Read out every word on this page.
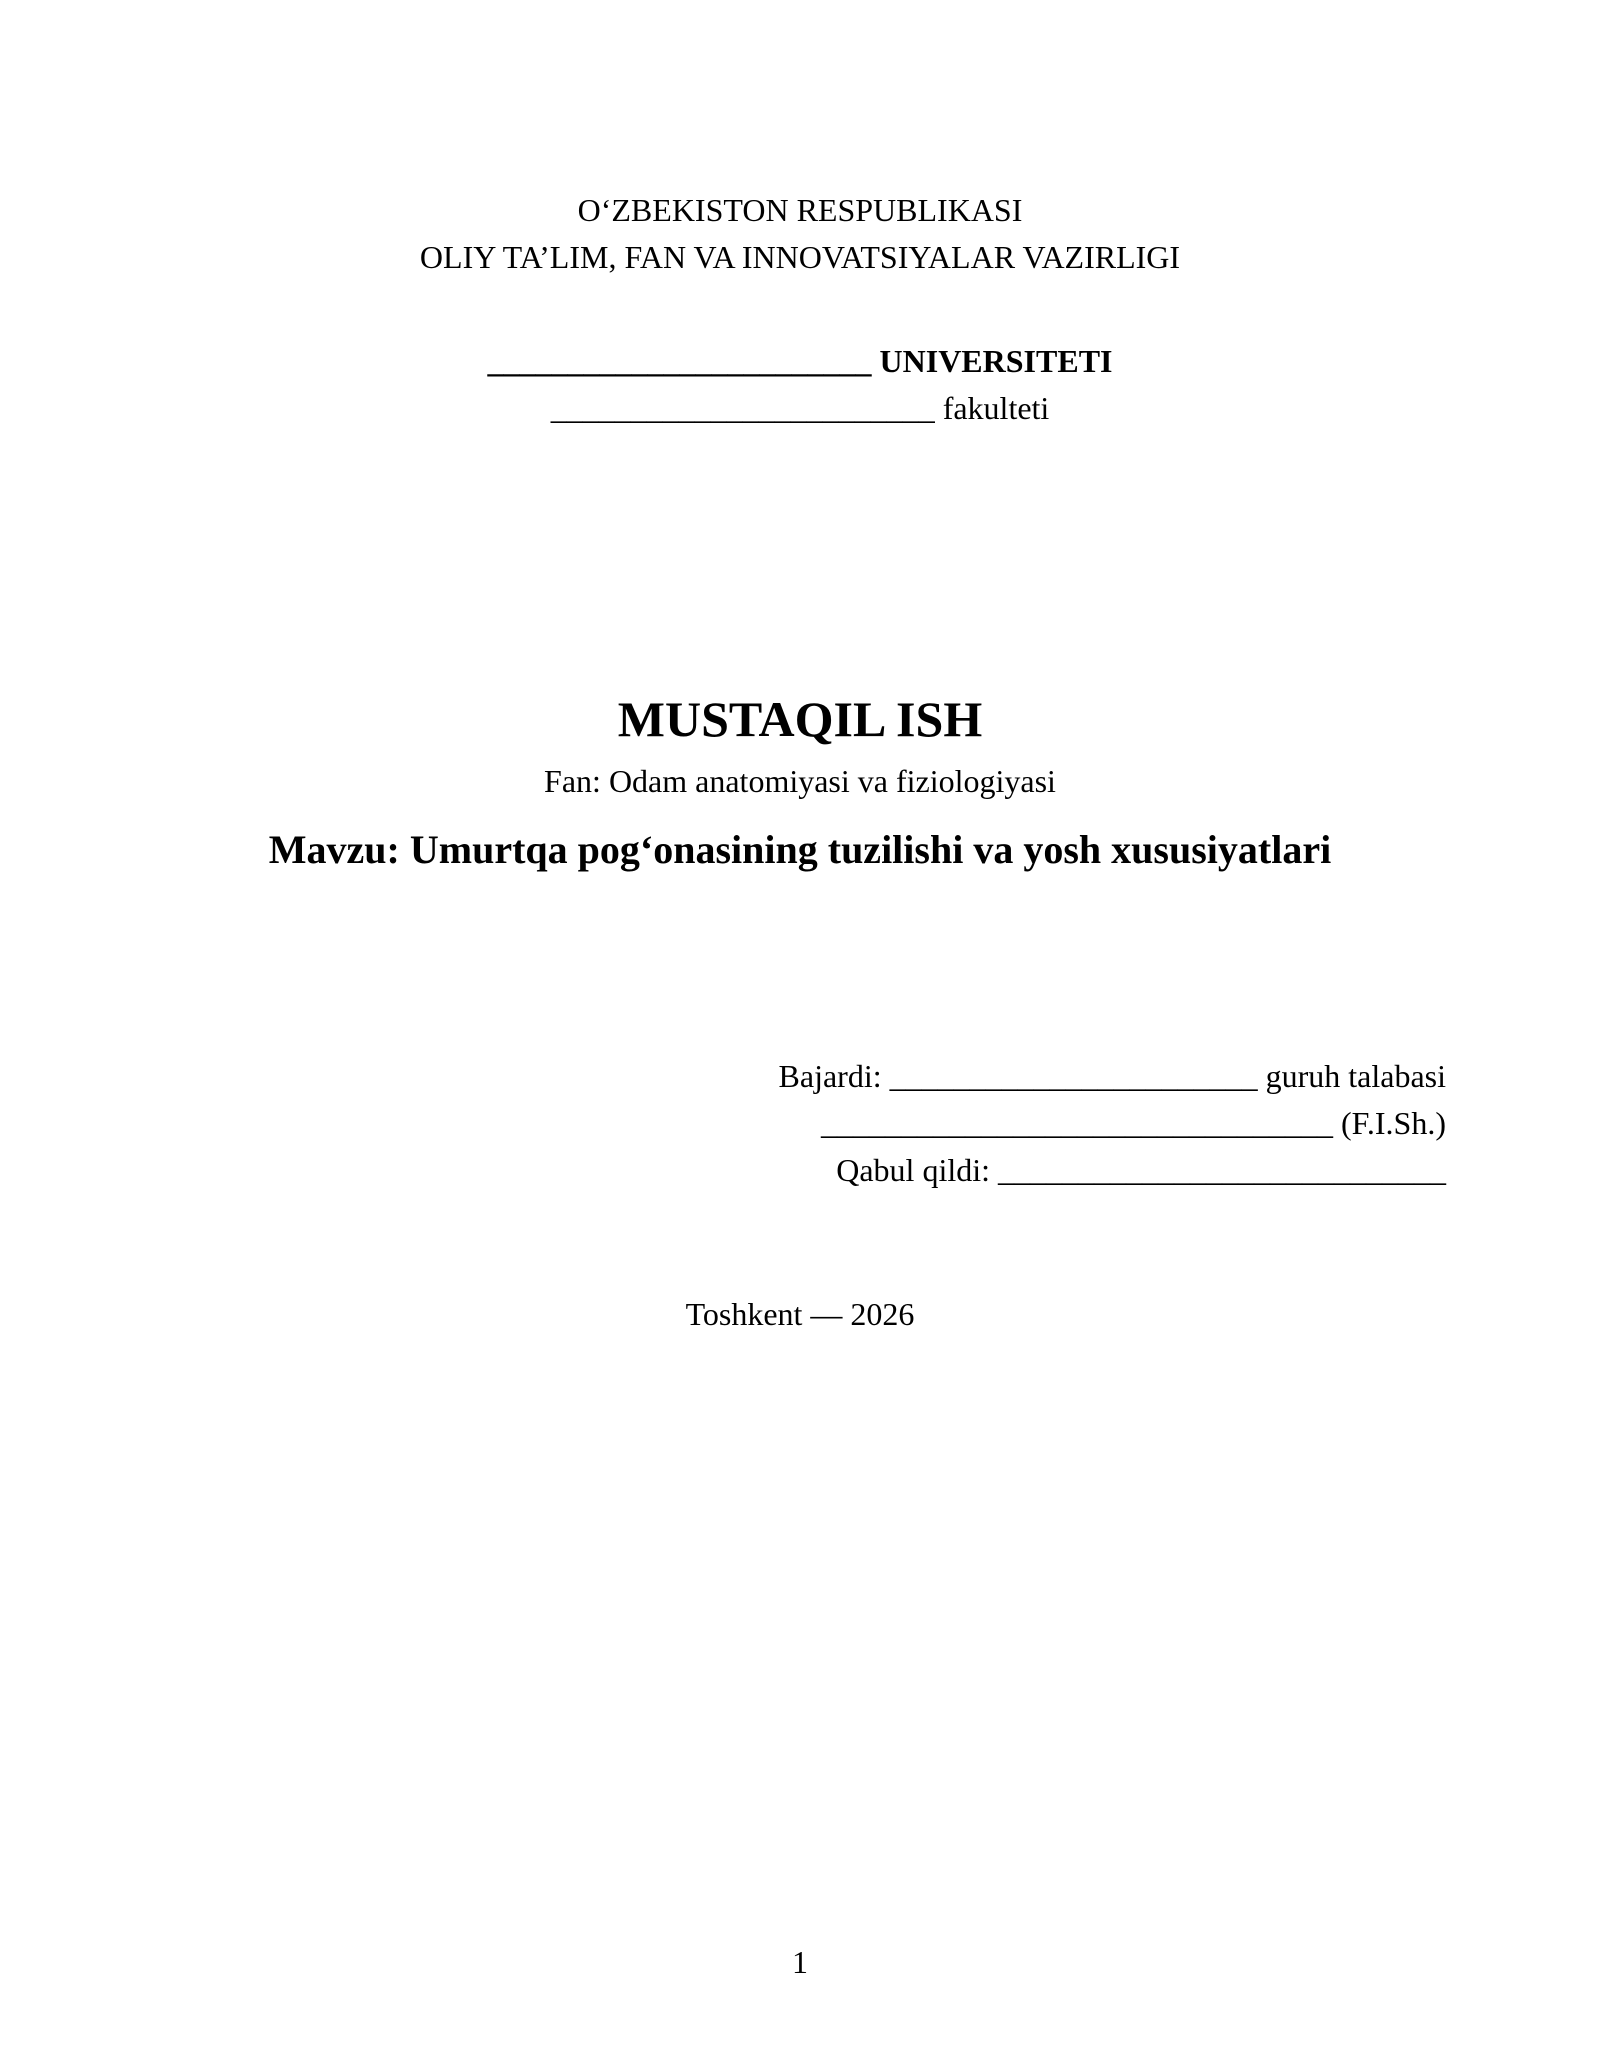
O‘ZBEKISTON RESPUBLIKASI
OLIY TA’LIM, FAN VA INNOVATSIYALAR VAZIRLIGI
________________________ UNIVERSITETI
________________________ fakulteti
MUSTAQIL ISH
Fan: Odam anatomiyasi va fiziologiyasi
Mavzu: Umurtqa pog‘onasining tuzilishi va yosh xususiyatlari
Bajardi: _______________________ guruh talabasi
________________________________ (F.I.Sh.)
Qabul qildi: ____________________________
Toshkent — 2026
1
